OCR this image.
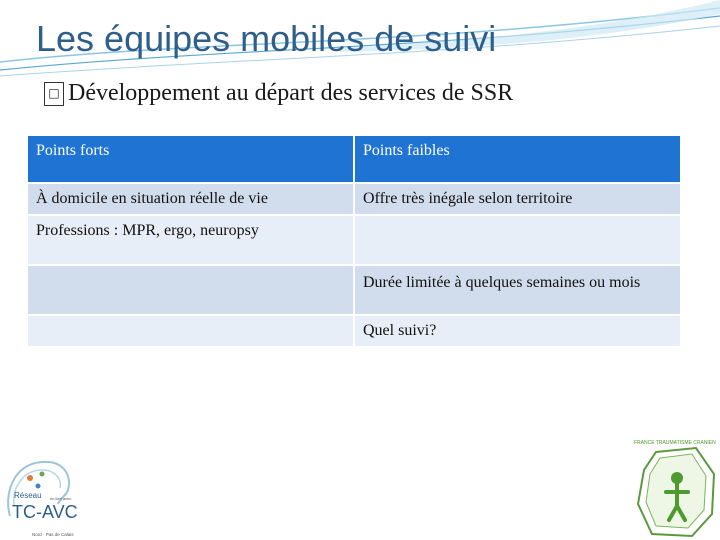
Les équipes mobiles de suivi
□ Développement au départ des services de SSR
Points forts	Points faibles
À domicile en situation réelle de vie	Offre très inégale selon territoire
Professions : MPR, ergo, neuropsy	
	Durée limitée à quelques semaines ou mois
	Quel suivi?
Réseau en lien avec
TC-AVC
Nord · Pas de Calais
FRANCE TRAUMATISME CRANIEN
